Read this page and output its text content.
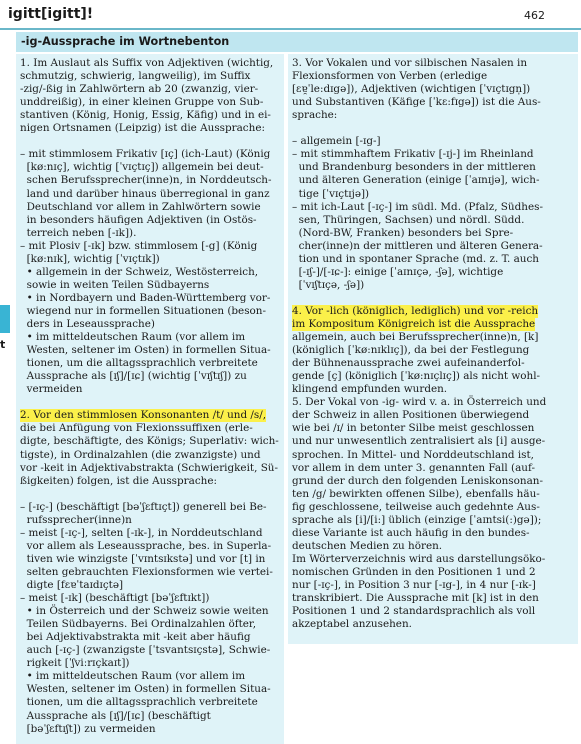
igitt[igitt]!	462
t
-ig-Aussprache im Wortnebenton
1. Im Auslaut als Suffix von Adjektiven (wichtig,
schmutzig, schwierig, langweilig), im Suffix
-zig/-ßig in Zahlwörtern ab 20 (zwanzig, vier-
unddreißig), in einer kleinen Gruppe von Sub-
stantiven (König, Honig, Essig, Käfig) und in ei-
nigen Ortsnamen (Leipzig) ist die Aussprache:
– mit stimmlosem Frikativ [ɪç] (ich-Laut) (König
[kø:nɪç], wichtig [ˈvɪçtɪç]) allgemein bei deut-
schen Berufssprecher(inne)n, in Norddeutsch-
land und darüber hinaus überregional in ganz
Deutschland vor allem in Zahlwörtern sowie
in besonders häufigen Adjektiven (in Ostös-
terreich neben [-ɪk]).
– mit Plosiv [-ɪk] bzw. stimmlosem [-g] (König
[kø:nɪk], wichtig [ˈvɪçtɪk])
• allgemein in der Schweiz, Westösterreich,
sowie in weiten Teilen Südbayerns
• in Nordbayern und Baden-Württemberg vor-
wiegend nur in formellen Situationen (beson-
ders in Leseaussprache)
• im mitteldeutschen Raum (vor allem im
Westen, seltener im Osten) in formellen Situa-
tionen, um die alltagssprachlich verbreitete
Aussprache als [ɪʃ]/[ɪɕ] (wichtig [ˈvɪʃtɪʃ]) zu
vermeiden
2. Vor den stimmlosen Konsonanten /t/ und /s/,
die bei Anfügung von Flexionssuffixen (erle-
digte, beschäftigte, des Königs; Superlativ: wich-
tigste), in Ordinalzahlen (die zwanzigste) und
vor -keit in Adjektivabstrakta (Schwierigkeit, Sü-
ßigkeiten) folgen, ist die Aussprache:
– [-ɪç-] (beschäftigt [bəˈʃɛftɪçt]) generell bei Be-
rufssprecher(inne)n
– meist [-ɪç-], selten [-ɪk-], in Norddeutschland
vor allem als Leseaussprache, bes. in Superla-
tiven wie winzigste [ˈvɪntsɪkstə] und vor [t] in
selten gebrauchten Flexionsformen wie vertei-
digte [fɛɐˈtaɪdɪçtə]
– meist [-ɪk] (beschäftigt [bəˈʃɛftɪkt])
• in Österreich und der Schweiz sowie weiten
Teilen Südbayerns. Bei Ordinalzahlen öfter,
bei Adjektivabstrakta mit -keit aber häufig
auch [-ɪç-] (zwanzigste [ˈtsvantsɪçstə], Schwie-
rigkeit [ˈʃviːrɪçkaɪt])
• im mitteldeutschen Raum (vor allem im
Westen, seltener im Osten) in formellen Situa-
tionen, um die alltagssprachlich verbreitete
Aussprache als [ɪʃ]/[ɪɕ] (beschäftigt
[bəˈʃɛftɪʃt]) zu vermeiden
3. Vor Vokalen und vor silbischen Nasalen in
Flexionsformen von Verben (erledige
[ɛɐ̯ˈle:dɪgə]), Adjektiven (wichtigen [ˈvɪçtɪgn̩])
und Substantiven (Käfige [ˈkɛ:fɪgə]) ist die Aus-
sprache:
– allgemein [-ɪg-]
– mit stimmhaftem Frikativ [-ɪj-] im Rheinland
und Brandenburg besonders in der mittleren
und älteren Generation (einige [ˈaɪnɪjə], wich-
tige [ˈvɪçtɪjə])
– mit ich-Laut [-ɪç-] im südl. Md. (Pfalz, Südhes-
sen, Thüringen, Sachsen) und nördl. Südd.
(Nord-BW, Franken) besonders bei Spre-
cher(inne)n der mittleren und älteren Genera-
tion und in spontaner Sprache (md. z. T. auch
[-ɪʃ-]/[-ɪɕ-]: einige [ˈaɪnɪçə, -ʃə], wichtige
[ˈvɪʃtɪçə, -ʃə])
4. Vor -lich (königlich, lediglich) und vor -reich
im Kompositum Königreich ist die Aussprache
allgemein, auch bei Berufssprecher(inne)n, [k]
(königlich [ˈkø:nɪklɪç]), da bei der Festlegung
der Bühnenaussprache zwei aufeinanderfol-
gende [ç] (königlich [ˈkø:nɪçlɪç]) als nicht wohl-
klingend empfunden wurden.
5. Der Vokal von -ig- wird v. a. in Österreich und
der Schweiz in allen Positionen überwiegend
wie bei /ɪ/ in betonter Silbe meist geschlossen
und nur unwesentlich zentralisiert als [i] ausge-
sprochen. In Mittel- und Norddeutschland ist,
vor allem in dem unter 3. genannten Fall (auf-
grund der durch den folgenden Leniskonsonan-
ten /g/ bewirkten offenen Silbe), ebenfalls häu-
fig geschlossene, teilweise auch gedehnte Aus-
sprache als [i]/[i:] üblich (einzige [ˈaɪntsi(:)gə]);
diese Variante ist auch häufig in den bundes-
deutschen Medien zu hören.
Im Wörterverzeichnis wird aus darstellungsöko-
nomischen Gründen in den Positionen 1 und 2
nur [-ɪç-], in Position 3 nur [-ɪg-], in 4 nur [-ɪk-]
transkribiert. Die Aussprache mit [k] ist in den
Positionen 1 und 2 standardsprachlich als voll
akzeptabel anzusehen.
